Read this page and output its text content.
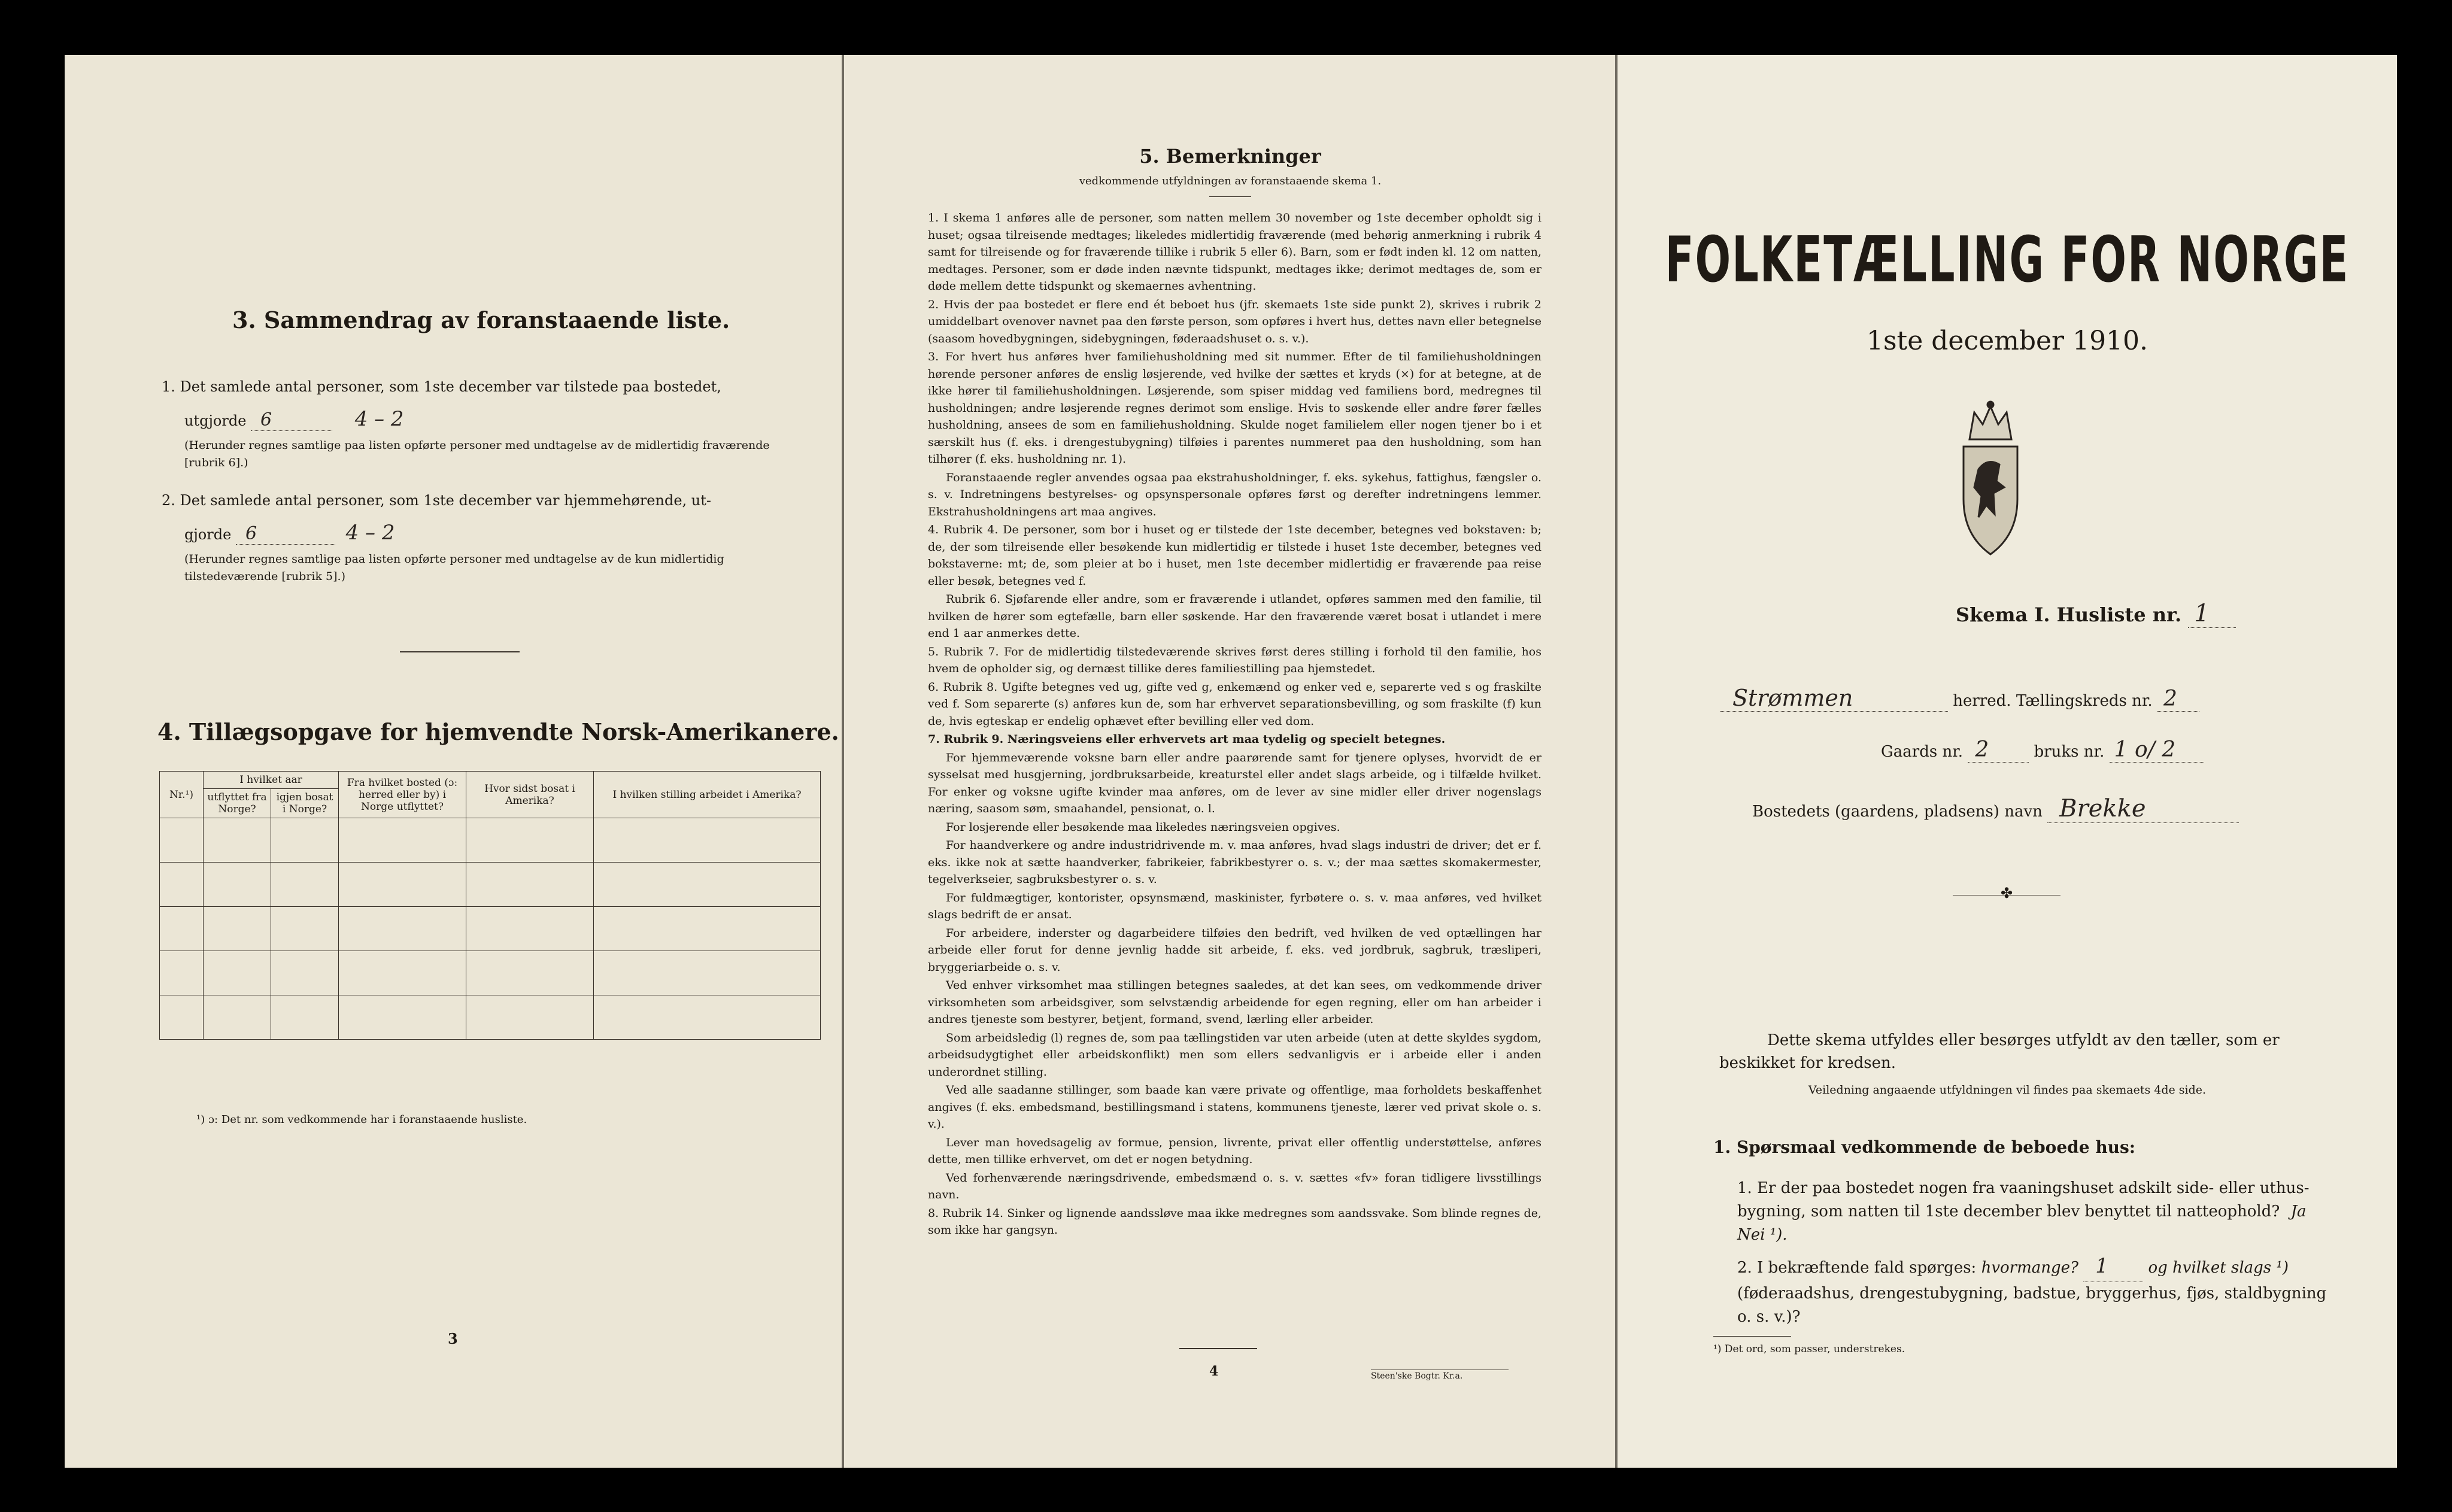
3. Sammendrag av foranstaaende liste.
1. Det samlede antal personer, som 1ste december var tilstede paa bostedet,
utgjorde 6	4 – 2
(Herunder regnes samtlige paa listen opførte personer med undtagelse av de midlertidig fraværende [rubrik 6].)
2. Det samlede antal personer, som 1ste december var hjemmehørende, ut-
gjorde 6	4 – 2
(Herunder regnes samtlige paa listen opførte personer med undtagelse av de kun midlertidig tilstedeværende [rubrik 5].)
4. Tillægsopgave for hjemvendte Norsk-Amerikanere.
Nr.¹)	I hvilket aar		Fra hvilket bosted (ɔ: herred eller by) i Norge utflyttet?	Hvor sidst bosat i Amerika?	I hvilken stilling arbeidet i Amerika?
	utflyttet fra Norge?	igjen bosat i Norge?			

¹) ɔ: Det nr. som vedkommende har i foranstaaende husliste.
3
5. Bemerkninger
vedkommende utfyldningen av foranstaaende skema 1.

1. I skema 1 anføres alle de personer, som natten mellem 30 november og 1ste december opholdt sig i huset; ogsaa tilreisende medtages; likeledes midlertidig fraværende (med behørig anmerkning i rubrik 4 samt for tilreisende og for fraværende tillike i rubrik 5 eller 6). Barn, som er født inden kl. 12 om natten, medtages. Personer, som er døde inden nævnte tidspunkt, medtages ikke; derimot medtages de, som er døde mellem dette tidspunkt og skemaernes avhentning.

2. Hvis der paa bostedet er flere end ét beboet hus (jfr. skemaets 1ste side punkt 2), skrives i rubrik 2 umiddelbart ovenover navnet paa den første person, som opføres i hvert hus, dettes navn eller betegnelse (saasom hovedbygningen, sidebygningen, føderaadshuset o. s. v.).

3. For hvert hus anføres hver familiehusholdning med sit nummer. Efter de til familiehusholdningen hørende personer anføres de enslig løsjerende, ved hvilke der sættes et kryds (×) for at betegne, at de ikke hører til familiehusholdningen. Løsjerende, som spiser middag ved familiens bord, medregnes til husholdningen; andre løsjerende regnes derimot som enslige. Hvis to søskende eller andre fører fælles husholdning, ansees de som en familiehusholdning. Skulde noget familielem eller nogen tjener bo i et særskilt hus (f. eks. i drengestubygning) tilføies i parentes nummeret paa den husholdning, som han tilhører (f. eks. husholdning nr. 1).

Foranstaaende regler anvendes ogsaa paa ekstrahusholdninger, f. eks. sykehus, fattighus, fængsler o. s. v. Indretningens bestyrelses- og opsynspersonale opføres først og derefter indretningens lemmer. Ekstrahusholdningens art maa angives.

4. Rubrik 4. De personer, som bor i huset og er tilstede der 1ste december, betegnes ved bokstaven: b; de, der som tilreisende eller besøkende kun midlertidig er tilstede i huset 1ste december, betegnes ved bokstaverne: mt; de, som pleier at bo i huset, men 1ste december midlertidig er fraværende paa reise eller besøk, betegnes ved f.

Rubrik 6. Sjøfarende eller andre, som er fraværende i utlandet, opføres sammen med den familie, til hvilken de hører som egtefælle, barn eller søskende. Har den fraværende været bosat i utlandet i mere end 1 aar anmerkes dette.

5. Rubrik 7. For de midlertidig tilstedeværende skrives først deres stilling i forhold til den familie, hos hvem de opholder sig, og dernæst tillike deres familiestilling paa hjemstedet.

6. Rubrik 8. Ugifte betegnes ved ug, gifte ved g, enkemænd og enker ved e, separerte ved s og fraskilte ved f. Som separerte (s) anføres kun de, som har erhvervet separationsbevilling, og som fraskilte (f) kun de, hvis egteskap er endelig ophævet efter bevilling eller ved dom.

7. Rubrik 9. Næringsveiens eller erhvervets art maa tydelig og specielt betegnes.

For hjemmeværende voksne barn eller andre paarørende samt for tjenere oplyses, hvorvidt de er sysselsat med husgjerning, jordbruksarbeide, kreaturstel eller andet slags arbeide, og i tilfælde hvilket. For enker og voksne ugifte kvinder maa anføres, om de lever av sine midler eller driver nogenslags næring, saasom søm, smaahandel, pensionat, o. l.

For losjerende eller besøkende maa likeledes næringsveien opgives.

For haandverkere og andre industridrivende m. v. maa anføres, hvad slags industri de driver; det er f. eks. ikke nok at sætte haandverker, fabrikeier, fabrikbestyrer o. s. v.; der maa sættes skomakermester, tegelverkseier, sagbruksbestyrer o. s. v.

For fuldmægtiger, kontorister, opsynsmænd, maskinister, fyrbøtere o. s. v. maa anføres, ved hvilket slags bedrift de er ansat.

For arbeidere, inderster og dagarbeidere tilføies den bedrift, ved hvilken de ved optællingen har arbeide eller forut for denne jevnlig hadde sit arbeide, f. eks. ved jordbruk, sagbruk, træsliperi, bryggeriarbeide o. s. v.

Ved enhver virksomhet maa stillingen betegnes saaledes, at det kan sees, om vedkommende driver virksomheten som arbeidsgiver, som selvstændig arbeidende for egen regning, eller om han arbeider i andres tjeneste som bestyrer, betjent, formand, svend, lærling eller arbeider.

Som arbeidsledig (l) regnes de, som paa tællingstiden var uten arbeide (uten at dette skyldes sygdom, arbeidsudygtighet eller arbeidskonflikt) men som ellers sedvanligvis er i arbeide eller i anden underordnet stilling.

Ved alle saadanne stillinger, som baade kan være private og offentlige, maa forholdets beskaffenhet angives (f. eks. embedsmand, bestillingsmand i statens, kommunens tjeneste, lærer ved privat skole o. s. v.).

Lever man hovedsagelig av formue, pension, livrente, privat eller offentlig understøttelse, anføres dette, men tillike erhvervet, om det er nogen betydning.

Ved forhenværende næringsdrivende, embedsmænd o. s. v. sættes «fv» foran tidligere livsstillings navn.

8. Rubrik 14. Sinker og lignende aandssløve maa ikke medregnes som aandssvake. Som blinde regnes de, som ikke har gangsyn.

4	Steen'ske Bogtr. Kr.a.
FOLKETÆLLING FOR NORGE
1ste december 1910.
Skema I. Husliste nr. 1
Strømmen	herred. Tællingskreds nr. 2
Gaards nr. 2	bruks nr. 1 o/ 2
Bostedets (gaardens, pladsens) navn Brekke
✤
Dette skema utfyldes eller besørges utfyldt av den tæller, som er beskikket for kredsen.
Veiledning angaaende utfyldningen vil findes paa skemaets 4de side.
1. Spørsmaal vedkommende de beboede hus:
1. Er der paa bostedet nogen fra vaaningshuset adskilt side- eller uthus-bygning, som natten til 1ste december blev benyttet til natteophold? Ja Nei ¹).
2. I bekræftende fald spørges: hvormange? 1	og hvilket slags ¹) (føderaadshus, drengestubygning, badstue, bryggerhus, fjøs, staldbygning o. s. v.)?
¹) Det ord, som passer, understrekes.
